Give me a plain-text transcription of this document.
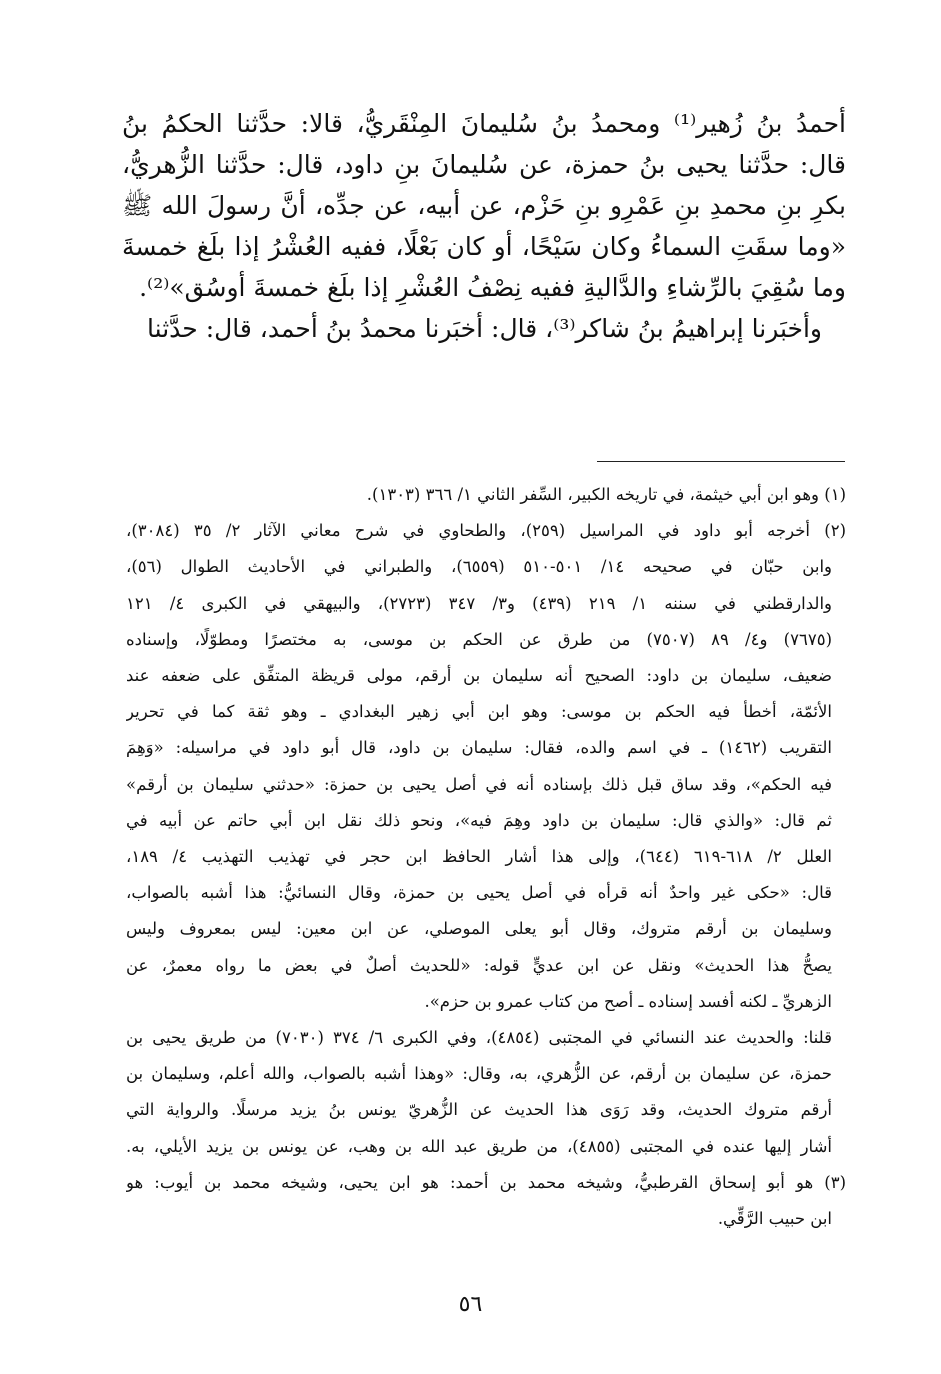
أحمدُ بنُ زُهير⁽¹⁾ ومحمدُ بنُ سُليمانَ المِنْقَريُّ، قالا: حدَّثنا الحكمُ بنُ
قال: حدَّثنا يحيى بنُ حمزة، عن سُليمانَ بنِ داود، قال: حدَّثنا الزُّهريُّ،
بكرِ بنِ محمدِ بنِ عَمْرِو بنِ حَزْم، عن أبيه، عن جدِّه، أنَّ رسولَ الله ﷺ
«وما سقَتِ السماءُ وكان سَيْحًا، أو كان بَعْلًا، ففيه العُشْرُ إذا بلَغ خمسةَ
وما سُقِيَ بالرِّشاءِ والدَّاليةِ ففيه نِصْفُ العُشْرِ إذا بلَغ خمسةَ أوسُق»⁽²⁾.
وأخبَرنا إبراهيمُ بنُ شاكر⁽³⁾، قال: أخبَرنا محمدُ بنُ أحمد، قال: حدَّثنا
(١) وهو ابن أبي خيثمة، في تاريخه الكبير، السِّفر الثاني ١/ ٣٦٦ (١٣٠٣).
(٢) أخرجه أبو داود في المراسيل (٢٥٩)، والطحاوي في شرح معاني الآثار ٢/ ٣٥ (٣٠٨٤)،
وابن حبّان في صحيحه ١٤/ ٥٠١-٥١٠ (٦٥٥٩)، والطبراني في الأحاديث الطوال (٥٦)،
والدارقطني في سننه ١/ ٢١٩ (٤٣٩) و٣/ ٣٤٧ (٢٧٢٣)، والبيهقي في الكبرى ٤/ ١٢١
(٧٦٧٥) و٤/ ٨٩ (٧٥٠٧) من طرق عن الحكم بن موسى، به مختصرًا ومطوّلًا، وإسناده
ضعيف، سليمان بن داود: الصحيح أنه سليمان بن أرقم، مولى قريظة المتفِّق على ضعفه عند
الأئمّة، أخطأ فيه الحكم بن موسى: وهو ابن أبي زهير البغدادي ـ وهو ثقة كما في تحرير
التقريب (١٤٦٢) ـ في اسم والده، فقال: سليمان بن داود، قال أبو داود في مراسيله: «وَهِمَ
فيه الحكم»، وقد ساق قبل ذلك بإسناده أنه في أصل يحيى بن حمزة: «حدثني سليمان بن أرقم»
ثم قال: «والذي قال: سليمان بن داود وهِمَ فيه»، ونحو ذلك نقل ابن أبي حاتم عن أبيه في
العلل ٢/ ٦١٨-٦١٩ (٦٤٤)، وإلى هذا أشار الحافظ ابن حجر في تهذيب التهذيب ٤/ ١٨٩،
قال: «حكى غير واحدٌ أنه قرأه في أصل يحيى بن حمزة، وقال النسائيُّ: هذا أشبه بالصواب،
وسليمان بن أرقم متروك، وقال أبو يعلى الموصلي، عن ابن معين: ليس بمعروف وليس
يصحُّ هذا الحديث» ونقل عن ابن عديٍّ قوله: «للحديث أصلٌ في بعض ما رواه معمرٌ، عن
الزهريِّ ـ لكنه أفسد إسناده ـ أصح من كتاب عمرو بن حزم».
قلنا: والحديث عند النسائي في المجتبى (٤٨٥٤)، وفي الكبرى ٦/ ٣٧٤ (٧٠٣٠) من طريق يحيى بن
حمزة، عن سليمان بن أرقم، عن الزُّهري، به، وقال: «وهذا أشبه بالصواب، والله أعلم، وسليمان بن
أرقم متروك الحديث، وقد رَوَى هذا الحديث عن الزُّهريّ يونس بنُ يزيد مرسلًا. والرواية التي
أشار إليها عنده في المجتبى (٤٨٥٥)، من طريق عبد الله بن وهب، عن يونس بن يزيد الأيلي، به.
(٣) هو أبو إسحاق القرطبيُّ، وشيخه محمد بن أحمد: هو ابن يحيى، وشيخه محمد بن أيوب: هو
ابن حبيب الرَّقِّي.
٥٦
